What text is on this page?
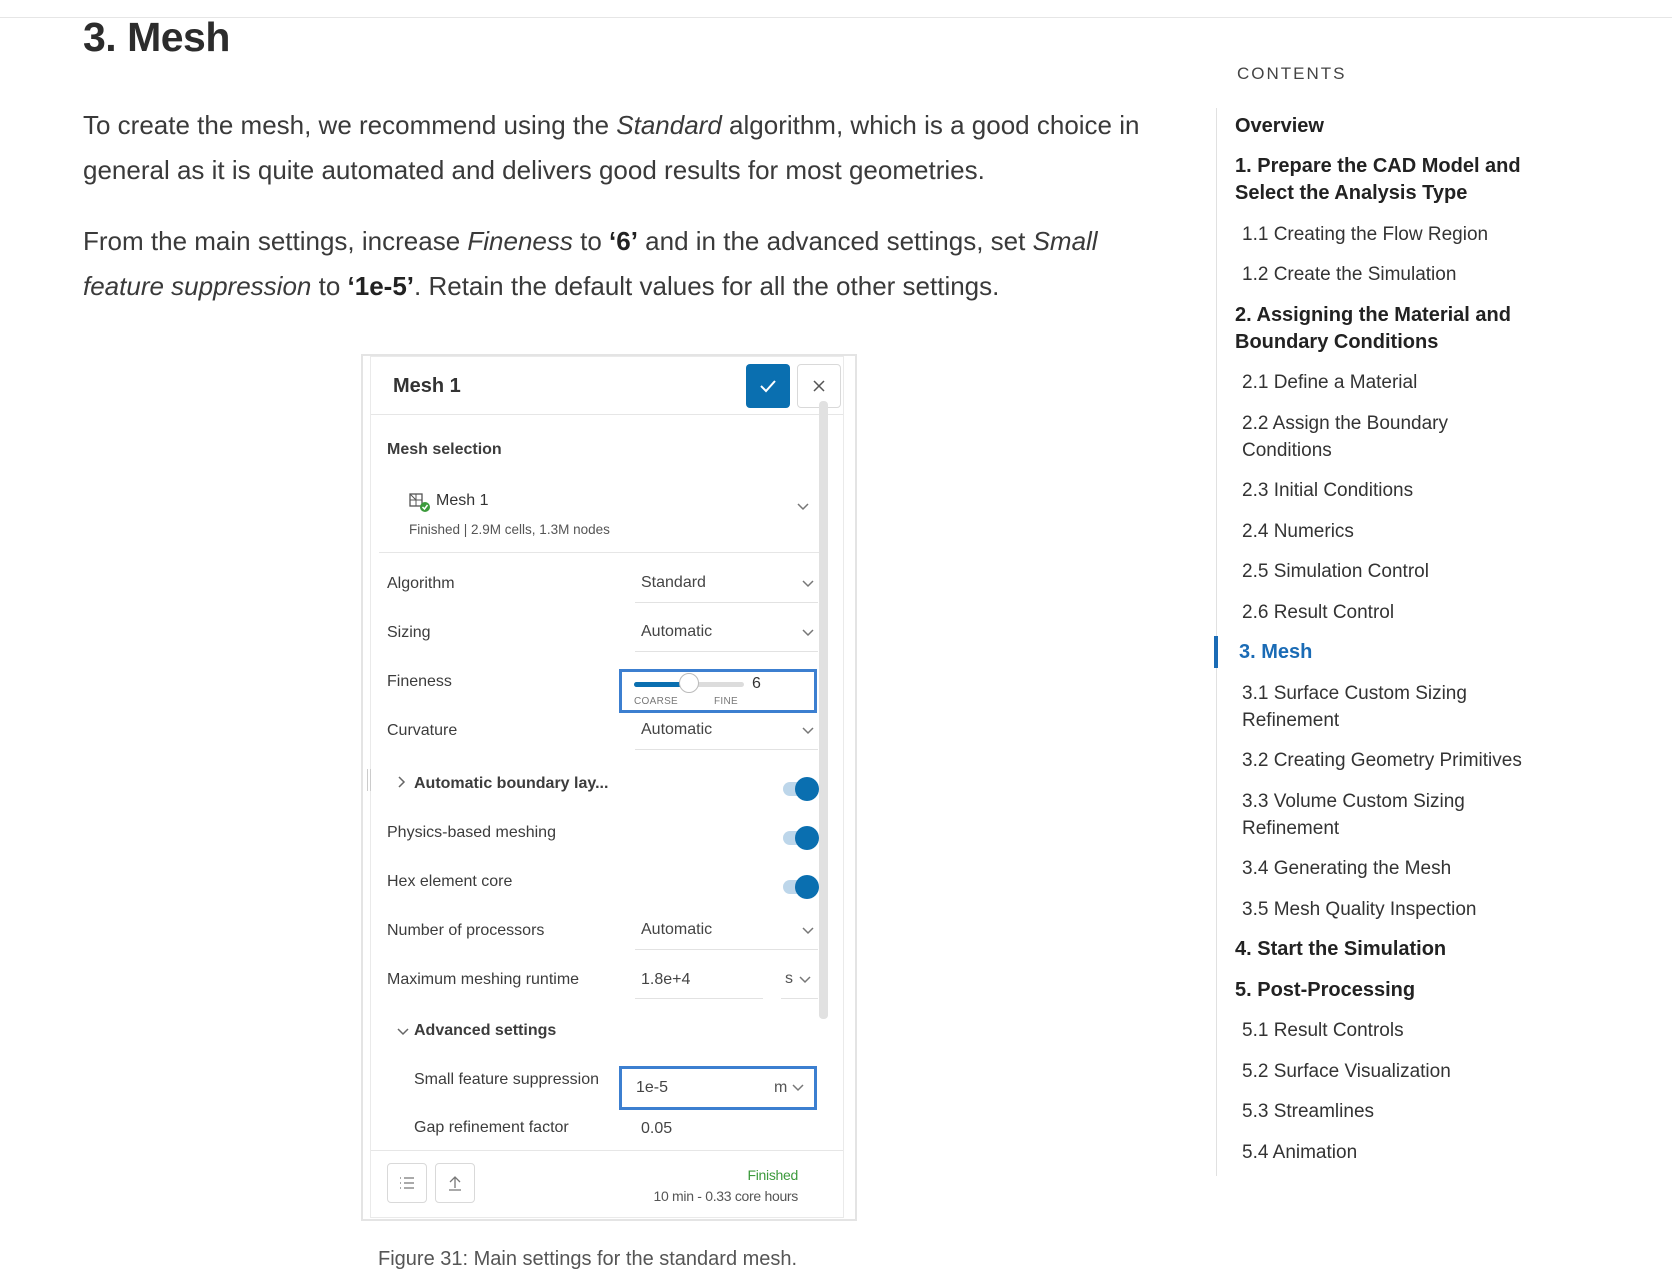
3. Mesh
To create the mesh, we recommend using the Standard algorithm, which is a good choice in general as it is quite automated and delivers good results for most geometries.
From the main settings, increase Fineness to ‘6’ and in the advanced settings, set Small feature suppression to ‘1e-5’. Retain the default values for all the other settings.
Mesh 1
Mesh selection
Mesh 1
Finished | 2.9M cells, 1.3M nodes
Algorithm	Standard
Sizing	Automatic
Fineness	6
COARSE	FINE
Curvature	Automatic
Automatic boundary lay...
Physics-based meshing
Hex element core
Number of processors	Automatic
Maximum meshing runtime	1.8e+4	s
Advanced settings
Small feature suppression 1e-5	m
Gap refinement factor	0.05
Finished
10 min - 0.33 core hours
Figure 31: Main settings for the standard mesh.
CONTENTS
Overview
1. Prepare the CAD Model and Select the Analysis Type
1.1 Creating the Flow Region
1.2 Create the Simulation
2. Assigning the Material and Boundary Conditions
2.1 Define a Material
2.2 Assign the Boundary Conditions
2.3 Initial Conditions
2.4 Numerics
2.5 Simulation Control
2.6 Result Control
3. Mesh
3.1 Surface Custom Sizing Refinement
3.2 Creating Geometry Primitives
3.3 Volume Custom Sizing Refinement
3.4 Generating the Mesh
3.5 Mesh Quality Inspection
4. Start the Simulation
5. Post-Processing
5.1 Result Controls
5.2 Surface Visualization
5.3 Streamlines
5.4 Animation
